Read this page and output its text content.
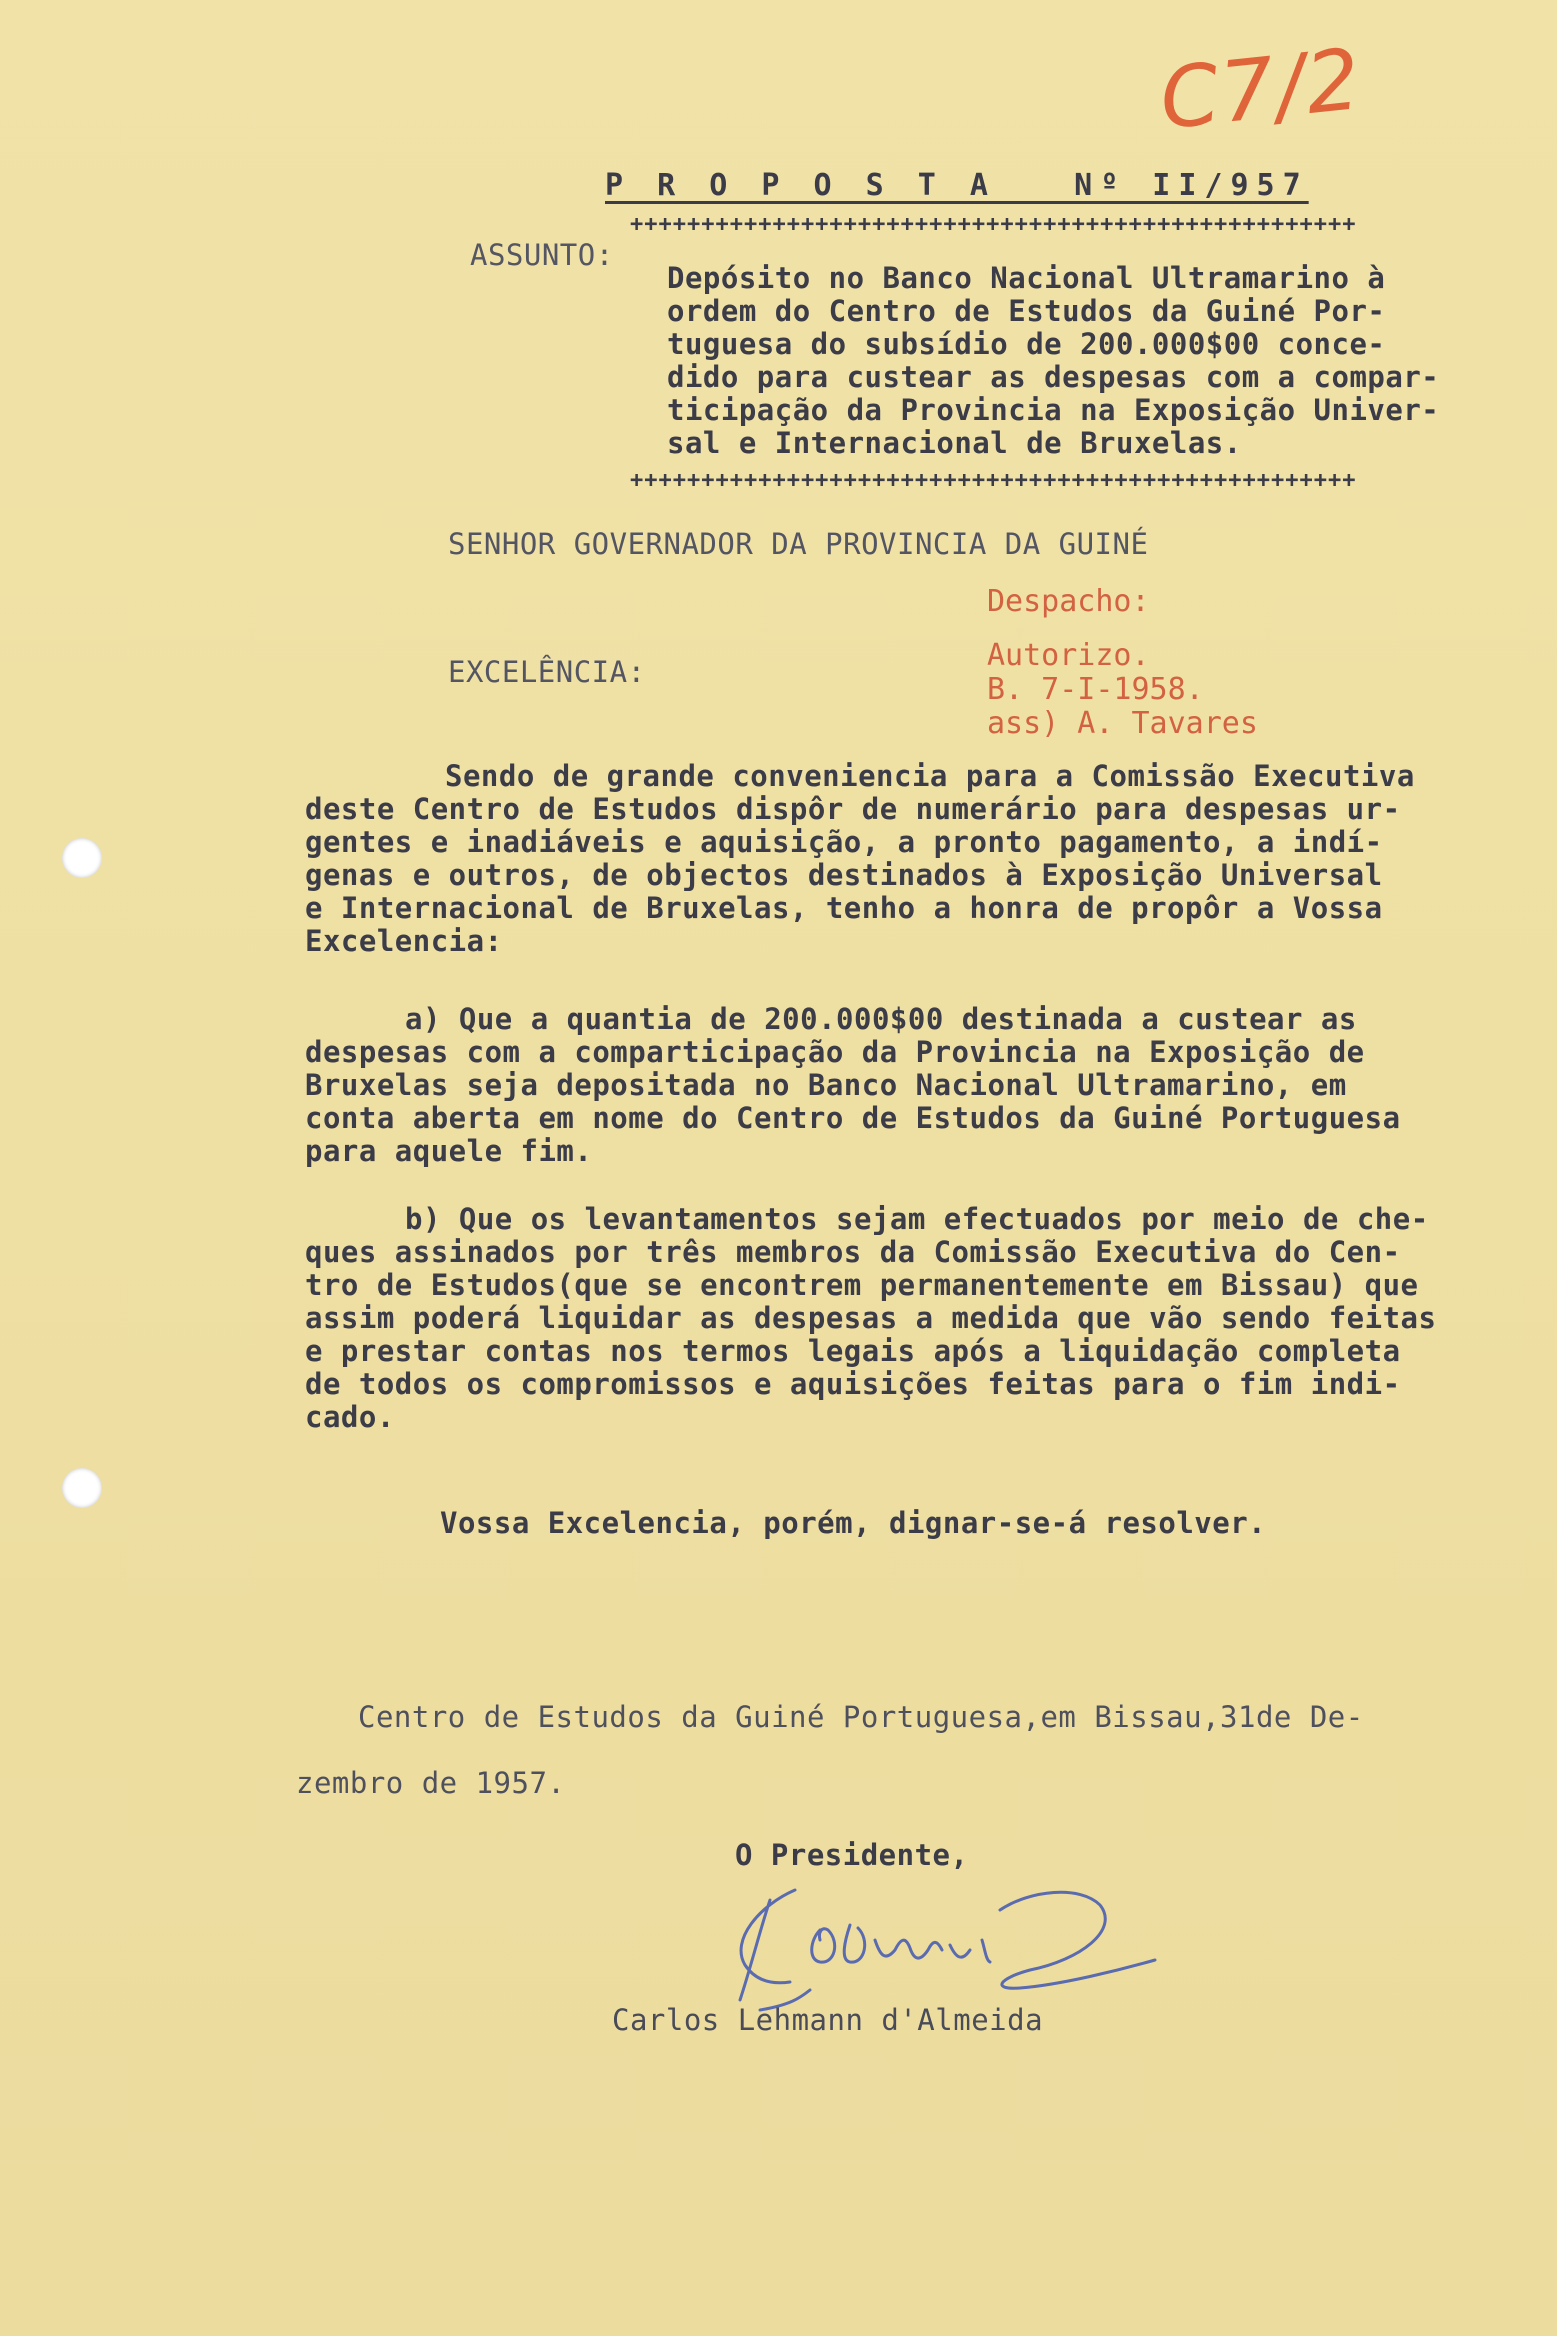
C7/2
P R O P O S T A   Nº II/957
+++++++++++++++++++++++++++++++++++++++++++++++++++
ASSUNTO:
Depósito no Banco Nacional Ultramarino à
ordem do Centro de Estudos da Guiné Por-
tuguesa do subsídio de 200.000$00 conce-
dido para custear as despesas com a compar-
ticipação da Provincia na Exposição Univer-
sal e Internacional de Bruxelas.
+++++++++++++++++++++++++++++++++++++++++++++++++++
SENHOR GOVERNADOR DA PROVINCIA DA GUINÉ
Despacho:
Autorizo.
B. 7-I-1958.
ass) A. Tavares
EXCELÊNCIA:
Sendo de grande conveniencia para a Comissão Executiva
deste Centro de Estudos dispôr de numerário para despesas ur-
gentes e inadiáveis e aquisição, a pronto pagamento, a indí-
genas e outros, de objectos destinados à Exposição Universal
e Internacional de Bruxelas, tenho a honra de propôr a Vossa
Excelencia:
a) Que a quantia de 200.000$00 destinada a custear as
despesas com a comparticipação da Provincia na Exposição de
Bruxelas seja depositada no Banco Nacional Ultramarino, em
conta aberta em nome do Centro de Estudos da Guiné Portuguesa
para aquele fim.
b) Que os levantamentos sejam efectuados por meio de che-
ques assinados por três membros da Comissão Executiva do Cen-
tro de Estudos(que se encontrem permanentemente em Bissau) que
assim poderá liquidar as despesas a medida que vão sendo feitas
e prestar contas nos termos legais após a liquidação completa
de todos os compromissos e aquisições feitas para o fim indi-
cado.
Vossa Excelencia, porém, dignar-se-á resolver.
Centro de Estudos da Guiné Portuguesa,em Bissau,31de De-
zembro de 1957.
O Presidente,
Carlos Lehmann d'Almeida
